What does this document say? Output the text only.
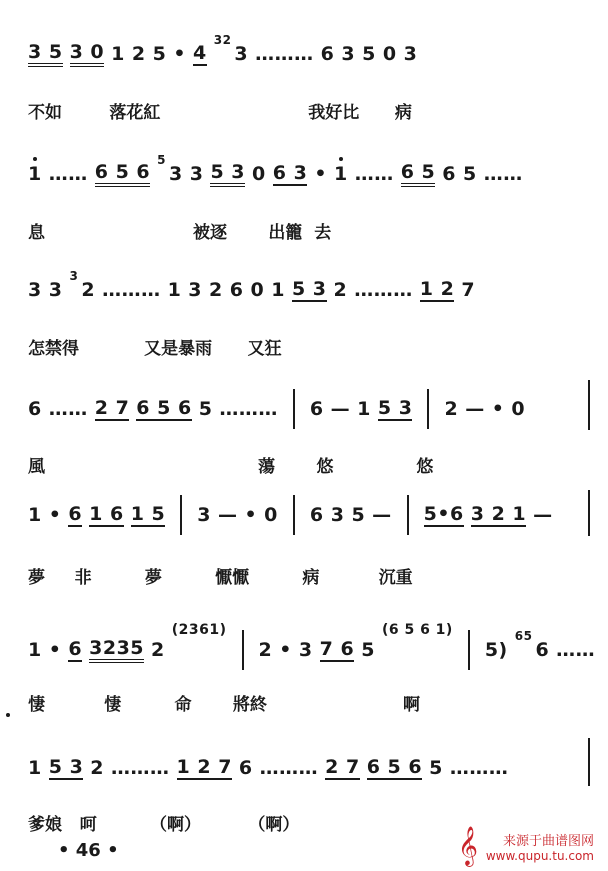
3 5 3 0 1 2 5 • 4
32
3 ……… 6 3 5 0 3
不如        落花紅                         我好比      病
1 …… 6 5 6
5
3 3 5 3 0 6 3 • 1 …… 6 5 6 5 ……
息                         被逐       出籠  去
3 3
3
2 ……… 1 3 2 6 0 1 5 3 2 ……… 1 2 7
怎禁得           又是暴雨      又狂
6 …… 2 7 6 5 6 5 ……… 6 — 1 5 3 2 — • 0
風                                    蕩       悠              悠
1 • 6 1 6 1 5 3 — • 0 6 3 5 — 5•6 3 2 1 —
夢     非         夢         懨懨         病          沉重
1 • 6 3235 2
(2361)
2 • 3 7 6 5
(6 5 6 1)
5)
65
6 ……
悽          悽         命       將終                       啊
1 5 3 2 ……… 1 2 7 6 ……… 2 7 6 5 6 5 ………
爹娘   呵         （啊）        （啊）
• 46 •	𝄞	来源于曲谱图网
www.qupu.tu.com
